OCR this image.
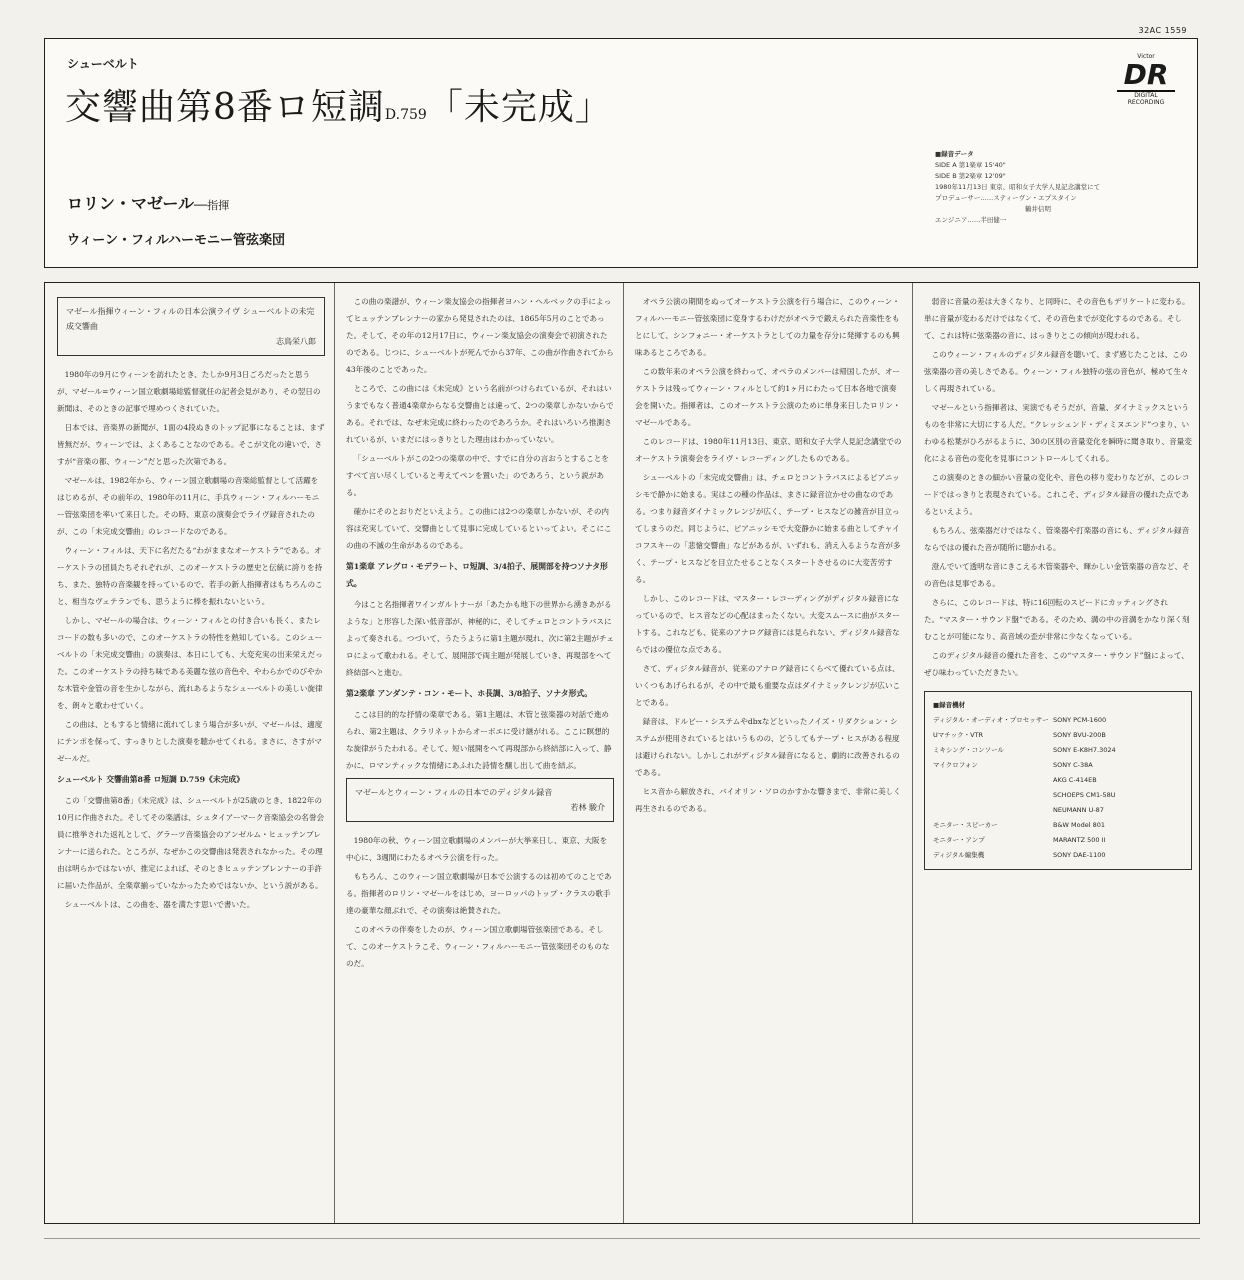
32AC 1559
シューベルト
交響曲第8番ロ短調D.759「未完成」
Victor
DR
DIGITAL RECORDING
ロリン・マゼール──指揮
ウィーン・フィルハーモニー管弦楽団
■録音データ
SIDE A 第1楽章 15'40"
SIDE B 第2楽章 12'09"
1980年11月13日 東京、昭和女子大学人見記念講堂にて
プロデューサー……スティーヴン・エプスタイン
鶴井信明
エンジニア……半田健一
マゼール指揮ウィーン・フィルの日本公演ライヴ シューベルトの未完成交響曲
志鳥栄八郎

1980年の9月にウィーンを訪れたとき、たしか9月3日ごろだったと思うが、マゼール=ウィーン国立歌劇場総監督就任の記者会見があり、その翌日の新聞は、そのときの記事で埋めつくされていた。

日本では、音楽界の新聞が、1面の4段ぬきのトップ記事になることは、まず皆無だが、ウィーンでは、よくあることなのである。そこが文化の違いで、さすが“音楽の都、ウィーン”だと思った次第である。

マゼールは、1982年から、ウィーン国立歌劇場の音楽総監督として活躍をはじめるが、その前年の、1980年の11月に、手兵ウィーン・フィルハーモニー管弦楽団を率いて来日した。その時、東京の演奏会でライヴ録音されたのが、この「未完成交響曲」のレコードなのである。

ウィーン・フィルは、天下に名だたる“わがままなオーケストラ”である。オーケストラの団員たちそれぞれが、このオーケストラの歴史と伝統に誇りを持ち、また、独特の音楽観を持っているので、若手の新人指揮者はもちろんのこと、相当なヴェテランでも、思うように棒を振れないという。

しかし、マゼールの場合は、ウィーン・フィルとの付き合いも長く、またレコードの数も多いので、このオーケストラの特性を熟知している。このシューベルトの「未完成交響曲」の演奏は、本日にしても、大変充実の出来栄えだった。このオーケストラの持ち味である美麗な弦の音色や、やわらかでのびやかな木管や金管の音を生かしながら、流れあるようなシューベルトの美しい旋律を、朗々と歌わせていく。

この曲は、ともすると情緒に流れてしまう場合が多いが、マゼールは、適度にテンポを保って、すっきりとした演奏を聴かせてくれる。まさに、さすがマゼールだ。

シューベルト 交響曲第8番 ロ短調 D.759《未完成》

この「交響曲第8番」《未完成》は、シューベルトが25歳のとき、1822年の10月に作曲された。そしてその楽譜は、シュタイアーマーク音楽協会の名誉会員に推挙された返礼として、グラーツ音楽協会のアンゼルム・ヒュッテンブレンナーに送られた。ところが、なぜかこの交響曲は発表されなかった。その理由は明らかではないが、推定によれば、そのときヒュッテンブレンナーの手許に届いた作品が、全楽章揃っていなかったためではないか、という説がある。

シューベルトは、この曲を、器を満たす思いで書いた。

この曲の楽譜が、ウィーン楽友協会の指揮者ヨハン・ヘルベックの手によってヒュッテンブレンナーの家から発見されたのは、1865年5月のことであった。そして、その年の12月17日に、ウィーン楽友協会の演奏会で初演されたのである。じつに、シューベルトが死んでから37年、この曲が作曲されてから43年後のことであった。

ところで、この曲には《未完成》という名前がつけられているが、それはいうまでもなく普通4楽章からなる交響曲とは違って、2つの楽章しかないからである。それでは、なぜ未完成に終わったのであろうか。それはいろいろ推測されているが、いまだにはっきりとした理由はわかっていない。

「シューベルトがこの2つの楽章の中で、すでに自分の言おうとすることをすべて言い尽くしていると考えてペンを置いた」のであろう、という説がある。

確かにそのとおりだといえよう。この曲には2つの楽章しかないが、その内容は充実していて、交響曲として見事に完成しているといってよい。そこにこの曲の不滅の生命があるのである。

第1楽章 アレグロ・モデラート、ロ短調、3/4拍子、展開部を持つソナタ形式。

今はこと名指揮者ワインガルトナーが「あたかも地下の世界から湧きあがるような」と形容した深い低音部が、神秘的に、そしてチェロとコントラバスによって奏される。つづいて、うたうように第1主題が現れ、次に第2主題がチェロによって歌われる。そして、展開部で両主題が発展していき、再現部をへて終結部へと進む。

第2楽章 アンダンテ・コン・モート、ホ長調、3/8拍子、ソナタ形式。

ここは目的的な抒情の楽章である。第1主題は、木管と弦楽器の対話で進められ、第2主題は、クラリネットからオーボエに受け継がれる。ここに瞑想的な旋律がうたわれる。そして、短い展開をへて再現部から終結部に入って、静かに、ロマンティックな情緒にあふれた詩情を醸し出して曲を結ぶ。

マゼールとウィーン・フィルの日本でのディジタル録音
若林 駿介

1980年の秋、ウィーン国立歌劇場のメンバーが大挙来日し、東京、大阪を中心に、3週間にわたるオペラ公演を行った。

もちろん、このウィーン国立歌劇場が日本で公演するのは初めてのことである。指揮者のロリン・マゼールをはじめ、ヨーロッパのトップ・クラスの歌手達の豪華な顔ぶれで、その演奏は絶賛された。

このオペラの伴奏をしたのが、ウィーン国立歌劇場管弦楽団である。そして、このオーケストラこそ、ウィーン・フィルハーモニー管弦楽団そのものなのだ。

オペラ公演の期間をぬってオーケストラ公演を行う場合に、このウィーン・フィルハーモニー管弦楽団に変身するわけだがオペラで鍛えられた音楽性をもとにして、シンフォニー・オーケストラとしての力量を存分に発揮するのも興味あるところである。

この数年来のオペラ公演を終わって、オペラのメンバーは帰国したが、オーケストラは残ってウィーン・フィルとして約1ヶ月にわたって日本各地で演奏会を開いた。指揮者は、このオーケストラ公演のために単身来日したロリン・マゼールである。

このレコードは、1980年11月13日、東京、昭和女子大学人見記念講堂でのオーケストラ演奏会をライヴ・レコーディングしたものである。

シューベルトの「未完成交響曲」は、チェロとコントラバスによるピアニッシモで静かに始まる。実はこの種の作品は、まさに録音泣かせの曲なのである。つまり録音ダイナミックレンジが広く、テープ・ヒスなどの雑音が目立ってしまうのだ。同じように、ピアニッシモで大変静かに始まる曲としてチャイコフスキーの「悲愴交響曲」などがあるが、いずれも、消え入るような音が多く、テープ・ヒスなどを目立たせることなくスタートさせるのに大変苦労する。

しかし、このレコードは、マスター・レコーディングがディジタル録音になっているので、ヒス音などの心配はまったくない。大変スムースに曲がスタートする。これなども、従来のアナログ録音には見られない、ディジタル録音ならではの優位な点である。

さて、ディジタル録音が、従来のアナログ録音にくらべて優れている点は、いくつもあげられるが、その中で最も重要な点はダイナミックレンジが広いことである。

録音は、ドルビー・システムやdbxなどといったノイズ・リダクション・システムが使用されているとはいうものの、どうしてもテープ・ヒスがある程度は避けられない。しかしこれがディジタル録音になると、劇的に改善されるのである。

ヒス音から解放され、バイオリン・ソロのかすかな響きまで、非常に美しく再生されるのである。

弱音に音量の差は大きくなり、と同時に、その音色もデリケートに変わる。単に音量が変わるだけではなくて、その音色までが変化するのである。そして、これは特に弦楽器の音に、はっきりとこの傾向が現われる。

このウィーン・フィルのディジタル録音を聴いて、まず感じたことは、この弦楽器の音の美しさである。ウィーン・フィル独特の弦の音色が、極めて生々しく再現されている。

マゼールという指揮者は、実演でもそうだが、音量、ダイナミックスというものを非常に大切にする人だ。“クレッシェンド・ディミヌエンド”つまり、いわゆる松葉がひろがるように、30の区別の音量変化を瞬時に聞き取り、音量変化による音色の変化を見事にコントロールしてくれる。

この演奏のときの細かい音量の変化や、音色の移り変わりなどが、このレコードではっきりと表現されている。これこそ、ディジタル録音の優れた点であるといえよう。

もちろん、弦楽器だけではなく、管楽器や打楽器の音にも、ディジタル録音ならではの優れた音が随所に聴かれる。

澄んでいて透明な音にきこえる木管楽器や、輝かしい金管楽器の音など、その音色は見事である。

さらに、このレコードは、特に16回転のスピードにカッティングされた。“マスター・サウンド盤”である。そのため、溝の中の音溝をかなり深く刻むことが可能になり、高音域の歪が非常に少なくなっている。

このディジタル録音の優れた音を、この“マスター・サウンド”盤によって、ぜひ味わっていただきたい。

■録音機材
ディジタル・オーディオ・プロセッサー SONY PCM-1600
Uマチック・VTR	SONY BVU-200B
ミキシング・コンソール	SONY E-K8H7.3024
マイクロフォン	SONY C-38A
AKG C-414EB
SCHOEPS CM1-58U
NEUMANN U-87
モニター・スピーカー	B&W Model 801
モニター・アンプ	MARANTZ 500 II
ディジタル編集機	SONY DAE-1100
